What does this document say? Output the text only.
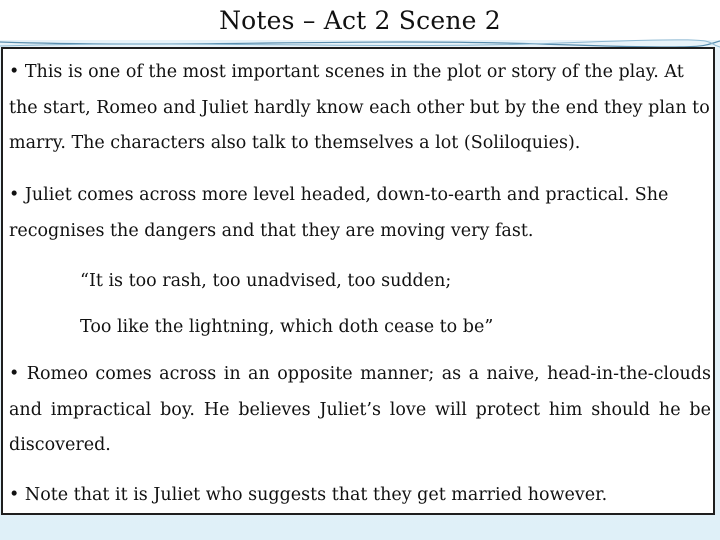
Notes – Act 2 Scene 2

• This is one of the most important scenes in the plot or story of the play. At the start, Romeo and Juliet hardly know each other but by the end they plan to marry. The characters also talk to themselves a lot (Soliloquies).

• Juliet comes across more level headed, down-to-earth and practical. She recognises the dangers and that they are moving very fast.

“It is too rash, too unadvised, too sudden;

Too like the lightning, which doth cease to be”

• Romeo comes across in an opposite manner; as a naive, head-in-the-clouds and impractical boy. He believes Juliet’s love will protect him should he be discovered.

• Note that it is Juliet who suggests that they get married however.
